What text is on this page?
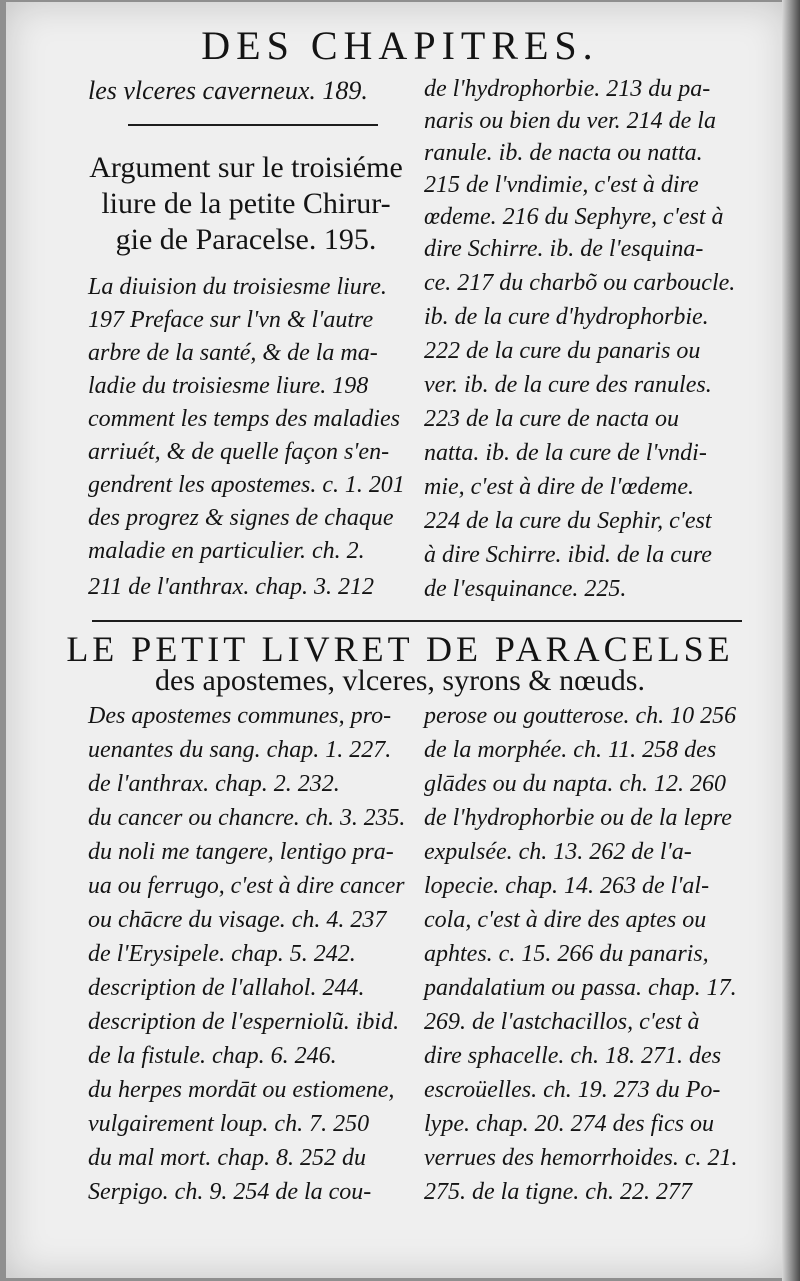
DES CHAPITRES.
les vlceres caverneux. 189.
Argument sur le troisiéme
liure de la petite Chirur-
gie de Paracelse. 195.
La diuision du troisiesme liure.
197 Preface sur l'vn & l'autre
arbre de la santé, & de la ma-
ladie du troisiesme liure. 198
comment les temps des maladies
arriuét, & de quelle façon s'en-
gendrent les apostemes. c. 1. 201
des progrez & signes de chaque
maladie en particulier. ch. 2.
211 de l'anthrax. chap. 3. 212
de l'hydrophorbie. 213 du pa-
naris ou bien du ver. 214 de la
ranule. ib. de nacta ou natta.
215 de l'vndimie, c'est à dire
œdeme. 216 du Sephyre, c'est à
dire Schirre. ib. de l'esquina-
ce. 217 du charbõ ou carboucle.
ib. de la cure d'hydrophorbie.
222 de la cure du panaris ou
ver. ib. de la cure des ranules.
223 de la cure de nacta ou
natta. ib. de la cure de l'vndi-
mie, c'est à dire de l'œdeme.
224 de la cure du Sephir, c'est
à dire Schirre. ibid. de la cure
de l'esquinance. 225.
LE PETIT LIVRET DE PARACELSE
des apostemes, vlceres, syrons & nœuds.
Des apostemes communes, pro-
uenantes du sang. chap. 1. 227.
de l'anthrax. chap. 2. 232.
du cancer ou chancre. ch. 3. 235.
du noli me tangere, lentigo pra-
ua ou ferrugo, c'est à dire cancer
ou chācre du visage. ch. 4. 237
de l'Erysipele. chap. 5. 242.
description de l'allahol. 244.
description de l'esperniolũ. ibid.
de la fistule. chap. 6. 246.
du herpes mordāt ou estiomene,
vulgairement loup. ch. 7. 250
du mal mort. chap. 8. 252 du
Serpigo. ch. 9. 254 de la cou-
perose ou goutterose. ch. 10 256
de la morphée. ch. 11. 258 des
glādes ou du napta. ch. 12. 260
de l'hydrophorbie ou de la lepre
expulsée. ch. 13. 262 de l'a-
lopecie. chap. 14. 263 de l'al-
cola, c'est à dire des aptes ou
aphtes. c. 15. 266 du panaris,
pandalatium ou passa. chap. 17.
269. de l'astchacillos, c'est à
dire sphacelle. ch. 18. 271. des
escroüelles. ch. 19. 273 du Po-
lype. chap. 20. 274 des fics ou
verrues des hemorrhoides. c. 21.
275. de la tigne. ch. 22. 277
